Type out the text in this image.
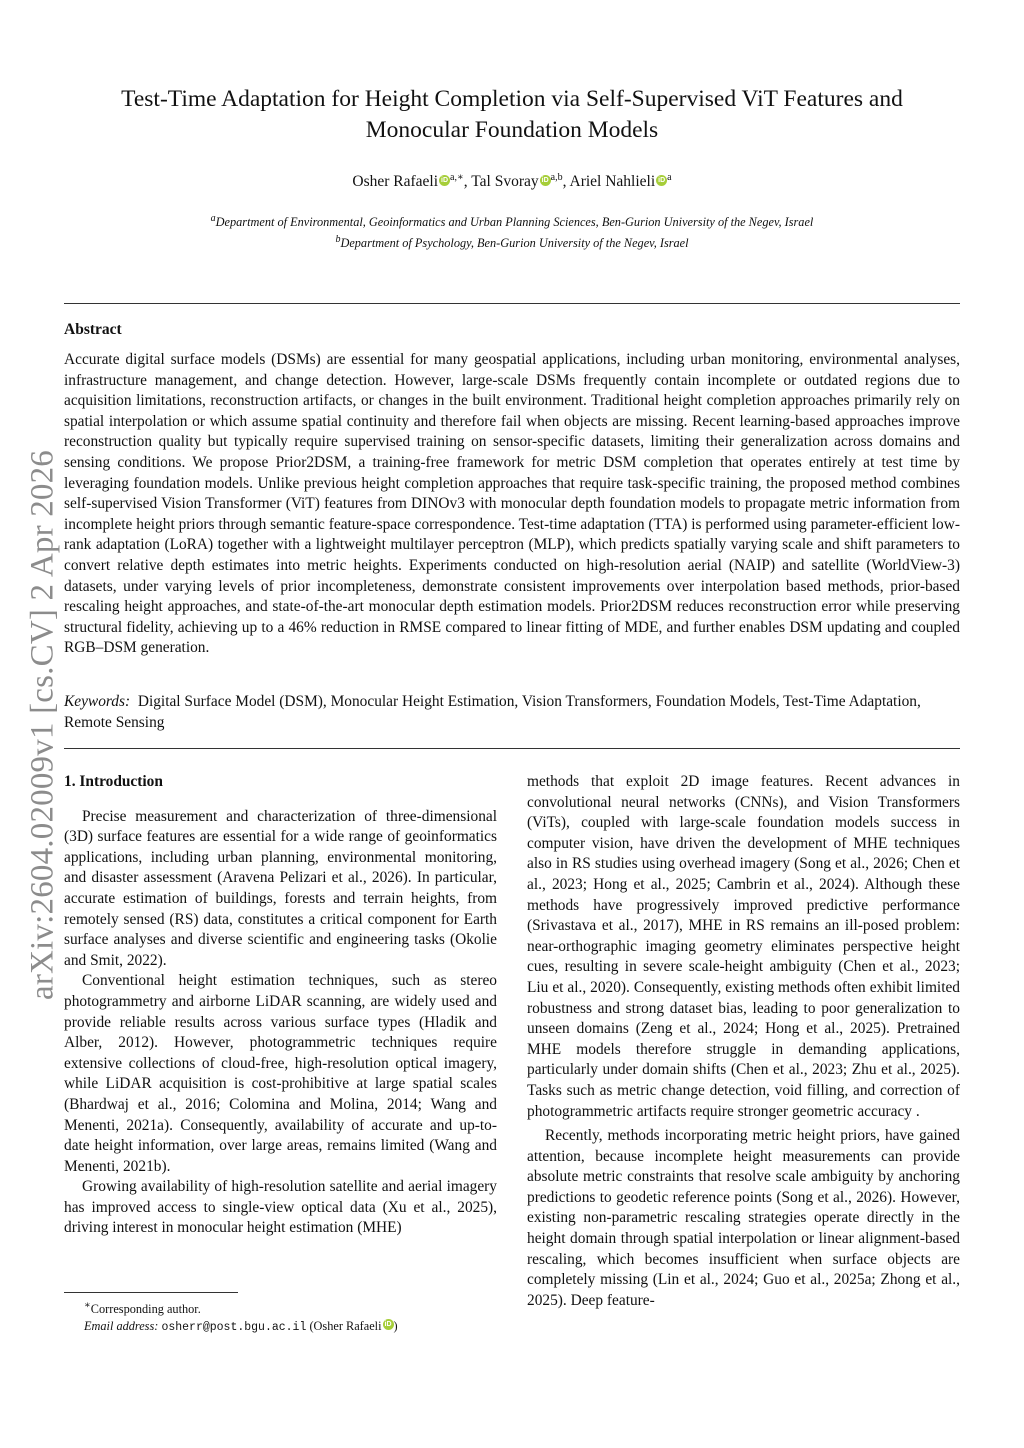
arXiv:2604.02009v1 [cs.CV] 2 Apr 2026
Test-Time Adaptation for Height Completion via Self-Supervised ViT Features and
Monocular Foundation Models
Osher Rafaeli iD $^{a,∗}$, Tal Svoray iD $^{a,b}$, Ariel Nahlieli iD $^a$
$^a$Department of Environmental, Geoinformatics and Urban Planning Sciences, Ben-Gurion University of the Negev, Israel
$^b$Department of Psychology, Ben-Gurion University of the Negev, Israel
Abstract
Accurate digital surface models (DSMs) are essential for many geospatial applications, including urban monitoring, environmental analyses, infrastructure management, and change detection. However, large-scale DSMs frequently contain incomplete or outdated regions due to acquisition limitations, reconstruction artifacts, or changes in the built environment. Traditional height completion approaches primarily rely on spatial interpolation or which assume spatial continuity and therefore fail when objects are missing. Recent learning-based approaches improve reconstruction quality but typically require supervised training on sensor-specific datasets, limiting their generalization across domains and sensing conditions. We propose Prior2DSM, a training-free framework for metric DSM completion that operates entirely at test time by leveraging foundation models. Unlike previous height completion approaches that require task-specific training, the proposed method combines self-supervised Vision Transformer (ViT) features from DINOv3 with monocular depth foundation models to propagate metric information from incomplete height priors through semantic feature-space correspondence. Test-time adaptation (TTA) is performed using parameter-efficient low-rank adaptation (LoRA) together with a lightweight multilayer perceptron (MLP), which predicts spatially varying scale and shift parameters to convert relative depth estimates into metric heights. Experiments conducted on high-resolution aerial (NAIP) and satellite (WorldView-3) datasets, under varying levels of prior incompleteness, demonstrate consistent improvements over interpolation based methods, prior-based rescaling height approaches, and state-of-the-art monocular depth estimation models. Prior2DSM reduces reconstruction error while preserving structural fidelity, achieving up to a 46% reduction in RMSE compared to linear fitting of MDE, and further enables DSM updating and coupled RGB–DSM generation.
Keywords: Digital Surface Model (DSM), Monocular Height Estimation, Vision Transformers, Foundation Models, Test-Time Adaptation, Remote Sensing
1. Introduction
Precise measurement and characterization of three-dimensional (3D) surface features are essential for a wide range of geoinformatics applications, including urban planning, environmental monitoring, and disaster assessment (Aravena Pelizari et al., 2026). In particular, accurate estimation of buildings, forests and terrain heights, from remotely sensed (RS) data, constitutes a critical component for Earth surface analyses and diverse scientific and engineering tasks (Okolie and Smit, 2022).
Conventional height estimation techniques, such as stereo photogrammetry and airborne LiDAR scanning, are widely used and provide reliable results across various surface types (Hladik and Alber, 2012). However, photogrammetric techniques require extensive collections of cloud-free, high-resolution optical imagery, while LiDAR acquisition is cost-prohibitive at large spatial scales (Bhardwaj et al., 2016; Colomina and Molina, 2014; Wang and Menenti, 2021a). Consequently, availability of accurate and up-to-date height information, over large areas, remains limited (Wang and Menenti, 2021b).
Growing availability of high-resolution satellite and aerial imagery has improved access to single-view optical data (Xu et al., 2025), driving interest in monocular height estimation (MHE)
methods that exploit 2D image features. Recent advances in convolutional neural networks (CNNs), and Vision Transformers (ViTs), coupled with large-scale foundation models success in computer vision, have driven the development of MHE techniques also in RS studies using overhead imagery (Song et al., 2026; Chen et al., 2023; Hong et al., 2025; Cambrin et al., 2024). Although these methods have progressively improved predictive performance (Srivastava et al., 2017), MHE in RS remains an ill-posed problem: near-orthographic imaging geometry eliminates perspective height cues, resulting in severe scale-height ambiguity (Chen et al., 2023; Liu et al., 2020). Consequently, existing methods often exhibit limited robustness and strong dataset bias, leading to poor generalization to unseen domains (Zeng et al., 2024; Hong et al., 2025). Pretrained MHE models therefore struggle in demanding applications, particularly under domain shifts (Chen et al., 2023; Zhu et al., 2025). Tasks such as metric change detection, void filling, and correction of photogrammetric artifacts require stronger geometric accuracy .
Recently, methods incorporating metric height priors, have gained attention, because incomplete height measurements can provide absolute metric constraints that resolve scale ambiguity by anchoring predictions to geodetic reference points (Song et al., 2026). However, existing non-parametric rescaling strategies operate directly in the height domain through spatial interpolation or linear alignment-based rescaling, which becomes insufficient when surface objects are completely missing (Lin et al., 2024; Guo et al., 2025a; Zhong et al., 2025). Deep feature-
∗Corresponding author.
Email address: osherr@post.bgu.ac.il (Osher Rafaeli iD )
